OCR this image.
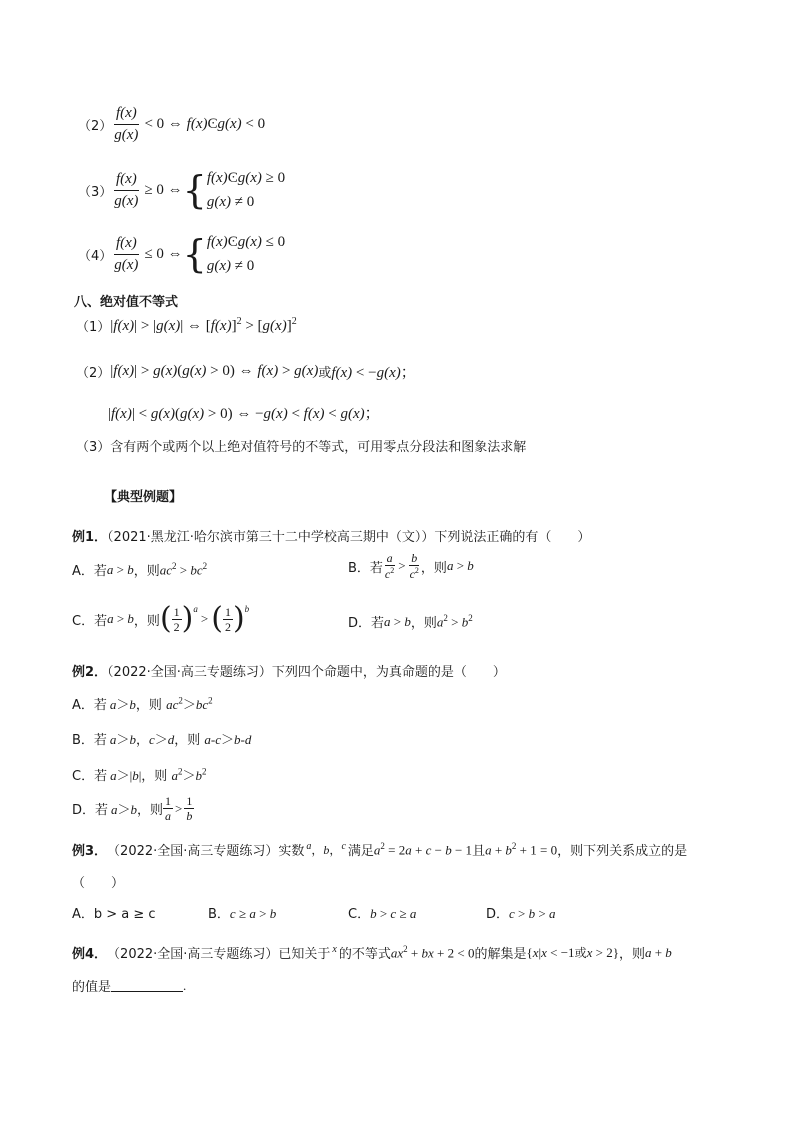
$(2) \frac{f(x)}{g(x)} < 0$ ⇔ f(x)Ͼg(x) < 0
$(3) \frac{f(x)}{g(x)} \ge 0$ ⇔ { f(x)Ͼg(x) ≥ 0
g(x) ≠ 0
$(4) \frac{f(x)}{g(x)} \le 0$ ⇔ { f(x)Ͼg(x) ≤ 0
g(x) ≠ 0
八、绝对值不等式
（1） |f(x)| > |g(x)| ⇔ $[f(x)]^2 > [g(x)]^2$
（2） |f(x)| > g(x)(g(x) > 0) ⇔ f(x) > g(x) 或 f(x) < −g(x)；
|f(x)| < g(x)(g(x) > 0) ⇔ −g(x) < f(x) < g(x)；
（3）含有两个或两个以上绝对值符号的不等式，可用零点分段法和图象法求解
【典型例题】
例1．（2021·黑龙江·哈尔滨市第三十二中学校高三期中（文））下列说法正确的有（　　）
A．若 a > b ，则 $ac^2 > bc^2$	B．若 $\frac{a}{c^2} > \frac{b}{c^2}$ ，则 a > b
C．若 a > b ，则 ( $\frac{1}{2} )^a$
> ( $\frac{1}{2} )^b$
D．若 a > b ，则 $a^2 > b^2$
例2．（2022·全国·高三专题练习）下列四个命题中，为真命题的是（　　）
A．若 a＞b，则 $ac^2>bc^2$
B．若 a＞b，c＞d，则 a-c＞b-d
C．若 a＞|b|，则 $a^2>b^2$
D．若 a＞b，则 $\frac{1}{a} > \frac{1}{b}$
例3． （2022·全国·高三专题练习）实数 $^a$，b，$^c$ 满足 $a^2 = 2a + c - b - 1$ 且 $a + b^2 + 1 = 0$ ，则下列关系成立的是
（　　）
A．b > a ≥ c	B．c ≥ a > b	C．b > c ≥ a	D．c > b > a
例4． （2022·全国·高三专题练习）已知关于 $^x$ 的不等式 $ax^2$ + bx + 2 < 0 的解集是 {x|x < −1 或 x > 2} ，则 a + b
的值是	.
